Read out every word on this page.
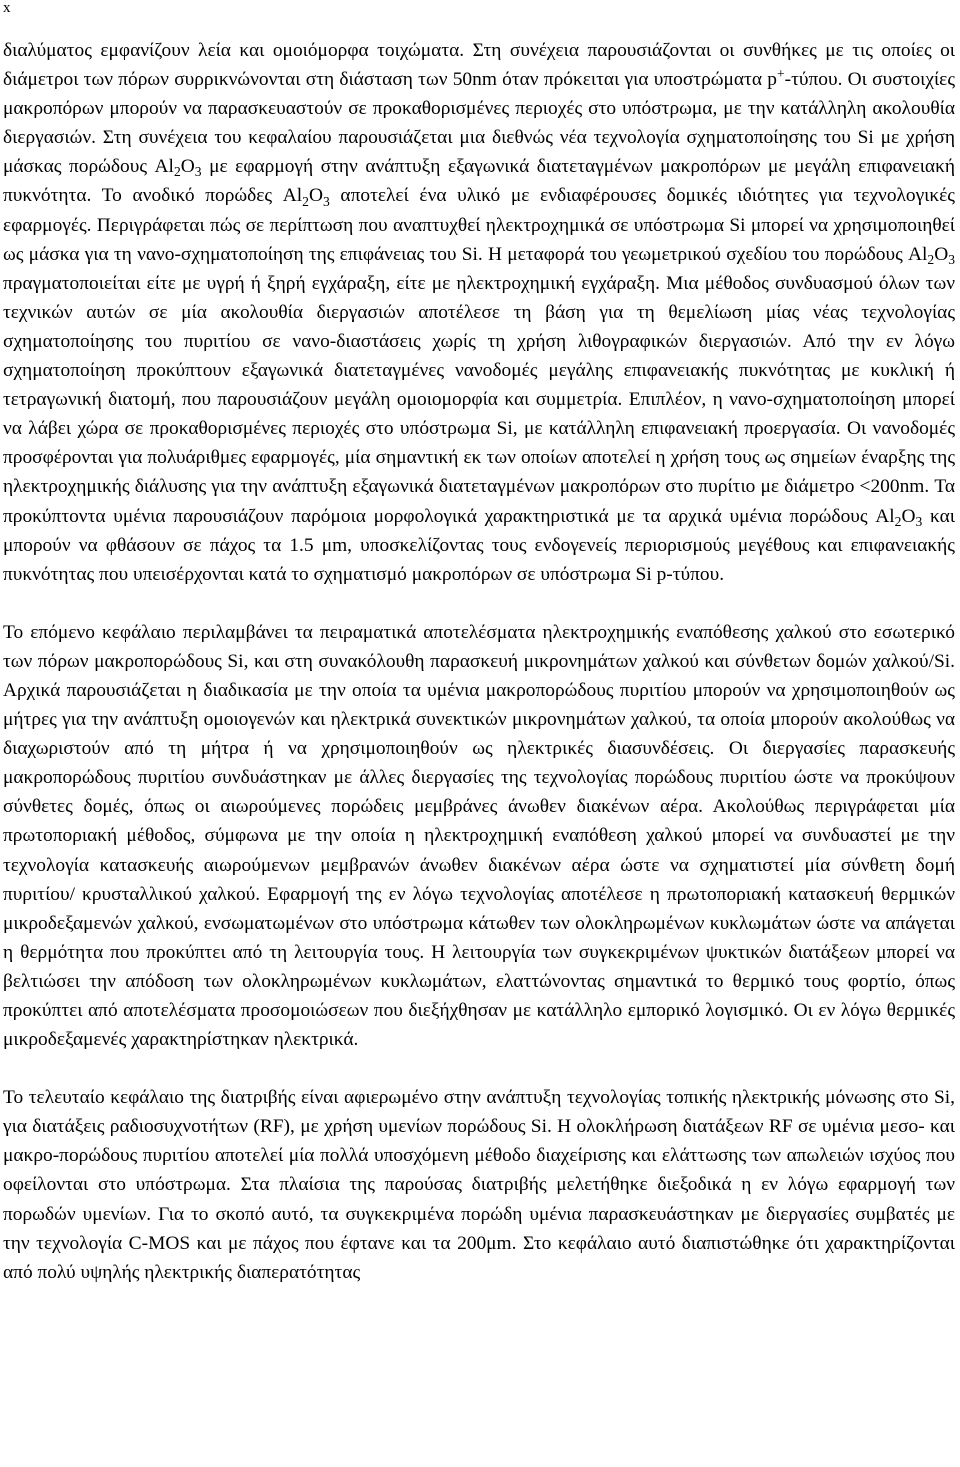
x

διαλύματος εμφανίζουν λεία και ομοιόμορφα τοιχώματα. Στη συνέχεια παρουσιάζονται οι συνθήκες με τις οποίες οι διάμετροι των πόρων συρρικνώνονται στη διάσταση των 50nm όταν πρόκειται για υποστρώματα p+-τύπου. Οι συστοιχίες μακροπόρων μπορούν να παρασκευαστούν σε προκαθορισμένες περιοχές στο υπόστρωμα, με την κατάλληλη ακολουθία διεργασιών. Στη συνέχεια του κεφαλαίου παρουσιάζεται μια διεθνώς νέα τεχνολογία σχηματοποίησης του Si με χρήση μάσκας πορώδους $Al_2O_3$ με εφαρμογή στην ανάπτυξη εξαγωνικά διατεταγμένων μακροπόρων με μεγάλη επιφανειακή πυκνότητα. Το ανοδικό πορώδες $Al_2O_3$ αποτελεί ένα υλικό με ενδιαφέρουσες δομικές ιδιότητες για τεχνολογικές εφαρμογές. Περιγράφεται πώς σε περίπτωση που αναπτυχθεί ηλεκτροχημικά σε υπόστρωμα Si μπορεί να χρησιμοποιηθεί ως μάσκα για τη νανο-σχηματοποίηση της επιφάνειας του Si. Η μεταφορά του γεωμετρικού σχεδίου του πορώδους $Al_2O_3$ πραγματοποιείται είτε με υγρή ή ξηρή εγχάραξη, είτε με ηλεκτροχημική εγχάραξη. Μια μέθοδος συνδυασμού όλων των τεχνικών αυτών σε μία ακολουθία διεργασιών αποτέλεσε τη βάση για τη θεμελίωση μίας νέας τεχνολογίας σχηματοποίησης του πυριτίου σε νανο-διαστάσεις χωρίς τη χρήση λιθογραφικών διεργασιών. Από την εν λόγω σχηματοποίηση προκύπτουν εξαγωνικά διατεταγμένες νανοδομές μεγάλης επιφανειακής πυκνότητας με κυκλική ή τετραγωνική διατομή, που παρουσιάζουν μεγάλη ομοιομορφία και συμμετρία. Επιπλέον, η νανο-σχηματοποίηση μπορεί να λάβει χώρα σε προκαθορισμένες περιοχές στο υπόστρωμα Si, με κατάλληλη επιφανειακή προεργασία. Οι νανοδομές προσφέρονται για πολυάριθμες εφαρμογές, μία σημαντική εκ των οποίων αποτελεί η χρήση τους ως σημείων έναρξης της ηλεκτροχημικής διάλυσης για την ανάπτυξη εξαγωνικά διατεταγμένων μακροπόρων στο πυρίτιο με διάμετρο <200nm. Τα προκύπτοντα υμένια παρουσιάζουν παρόμοια μορφολογικά χαρακτηριστικά με τα αρχικά υμένια πορώδους $Al_2O_3$ και μπορούν να φθάσουν σε πάχος τα 1.5 μm, υποσκελίζοντας τους ενδογενείς περιορισμούς μεγέθους και επιφανειακής πυκνότητας που υπεισέρχονται κατά το σχηματισμό μακροπόρων σε υπόστρωμα Si p-τύπου.

Το επόμενο κεφάλαιο περιλαμβάνει τα πειραματικά αποτελέσματα ηλεκτροχημικής εναπόθεσης χαλκού στο εσωτερικό των πόρων μακροπορώδους Si, και στη συνακόλουθη παρασκευή μικρονημάτων χαλκού και σύνθετων δομών χαλκού/Si. Αρχικά παρουσιάζεται η διαδικασία με την οποία τα υμένια μακροπορώδους πυριτίου μπορούν να χρησιμοποιηθούν ως μήτρες για την ανάπτυξη ομοιογενών και ηλεκτρικά συνεκτικών μικρονημάτων χαλκού, τα οποία μπορούν ακολούθως να διαχωριστούν από τη μήτρα ή να χρησιμοποιηθούν ως ηλεκτρικές διασυνδέσεις. Οι διεργασίες παρασκευής μακροπορώδους πυριτίου συνδυάστηκαν με άλλες διεργασίες της τεχνολογίας πορώδους πυριτίου ώστε να προκύψουν σύνθετες δομές, όπως οι αιωρούμενες πορώδεις μεμβράνες άνωθεν διακένων αέρα. Ακολούθως περιγράφεται μία πρωτοποριακή μέθοδος, σύμφωνα με την οποία η ηλεκτροχημική εναπόθεση χαλκού μπορεί να συνδυαστεί με την τεχνολογία κατασκευής αιωρούμενων μεμβρανών άνωθεν διακένων αέρα ώστε να σχηματιστεί μία σύνθετη δομή πυριτίου/ κρυσταλλικού χαλκού. Εφαρμογή της εν λόγω τεχνολογίας αποτέλεσε η πρωτοποριακή κατασκευή θερμικών μικροδεξαμενών χαλκού, ενσωματωμένων στο υπόστρωμα κάτωθεν των ολοκληρωμένων κυκλωμάτων ώστε να απάγεται η θερμότητα που προκύπτει από τη λειτουργία τους. Η λειτουργία των συγκεκριμένων ψυκτικών διατάξεων μπορεί να βελτιώσει την απόδοση των ολοκληρωμένων κυκλωμάτων, ελαττώνοντας σημαντικά το θερμικό τους φορτίο, όπως προκύπτει από αποτελέσματα προσομοιώσεων που διεξήχθησαν με κατάλληλο εμπορικό λογισμικό. Οι εν λόγω θερμικές μικροδεξαμενές χαρακτηρίστηκαν ηλεκτρικά.

Το τελευταίο κεφάλαιο της διατριβής είναι αφιερωμένο στην ανάπτυξη τεχνολογίας τοπικής ηλεκτρικής μόνωσης στο Si, για διατάξεις ραδιοσυχνοτήτων (RF), με χρήση υμενίων πορώδους Si. Η ολοκλήρωση διατάξεων RF σε υμένια μεσο- και μακρο-πορώδους πυριτίου αποτελεί μία πολλά υποσχόμενη μέθοδο διαχείρισης και ελάττωσης των απωλειών ισχύος που οφείλονται στο υπόστρωμα. Στα πλαίσια της παρούσας διατριβής μελετήθηκε διεξοδικά η εν λόγω εφαρμογή των πορωδών υμενίων. Για το σκοπό αυτό, τα συγκεκριμένα πορώδη υμένια παρασκευάστηκαν με διεργασίες συμβατές με την τεχνολογία C-MOS και με πάχος που έφτανε και τα 200μm. Στο κεφάλαιο αυτό διαπιστώθηκε ότι χαρακτηρίζονται από πολύ υψηλής ηλεκτρικής διαπερατότητας
